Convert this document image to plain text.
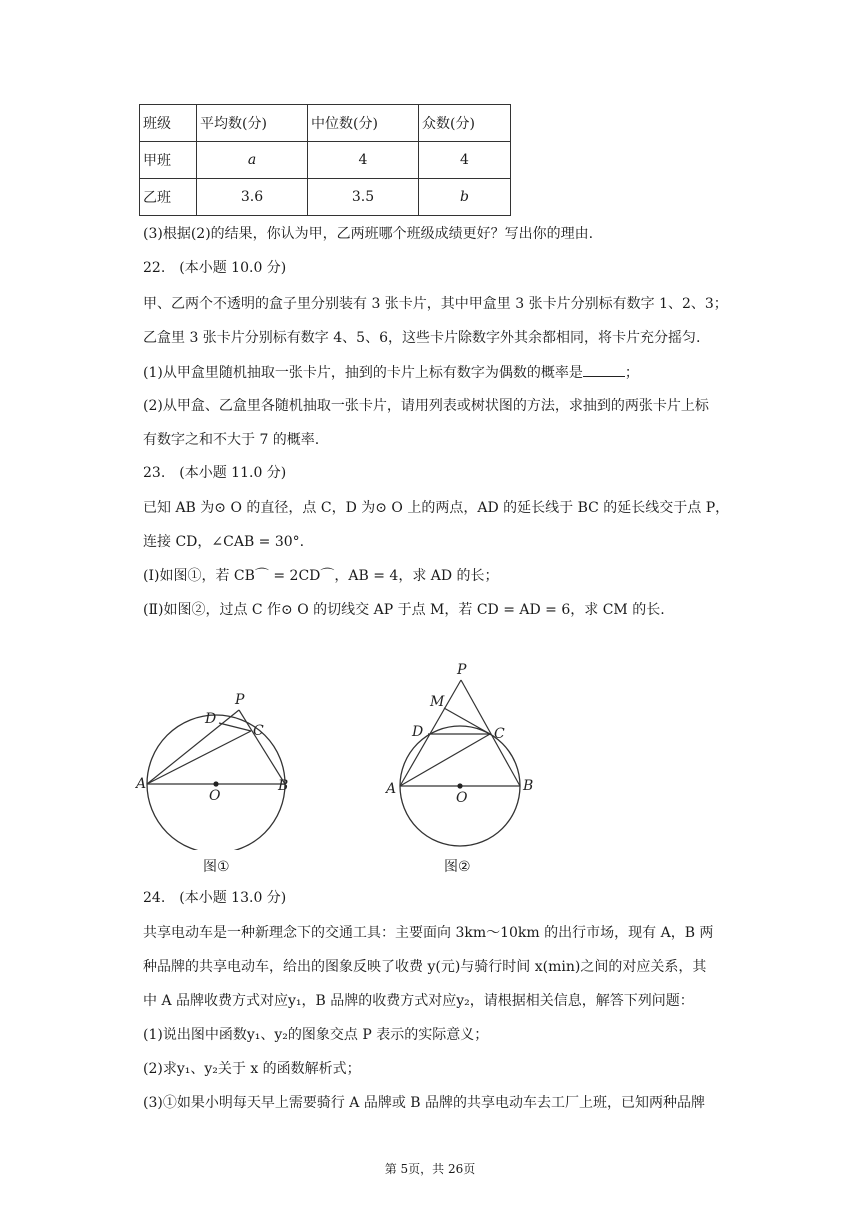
班级	平均数(分)	中位数(分)	众数(分)
甲班	a	4	4
乙班	3.6	3.5	b
(3)根据(2)的结果，你认为甲，乙两班哪个班级成绩更好？写出你的理由.
22.　(本小题 10.0 分)
甲、乙两个不透明的盒子里分别装有 3 张卡片，其中甲盒里 3 张卡片分别标有数字 1、2、3；
乙盒里 3 张卡片分别标有数字 4、5、6，这些卡片除数字外其余都相同，将卡片充分摇匀.
(1)从甲盒里随机抽取一张卡片，抽到的卡片上标有数字为偶数的概率是	；
(2)从甲盒、乙盒里各随机抽取一张卡片，请用列表或树状图的方法，求抽到的两张卡片上标
有数字之和不大于 7 的概率.
23.　(本小题 11.0 分)
已知 AB 为⊙ O 的直径，点 C，D 为⊙ O 上的两点，AD 的延长线于 BC 的延长线交于点 P，
连接 CD，∠CAB = 30°.
(Ⅰ)如图①，若 CB⌒ = 2CD⌒，AB = 4，求 AD 的长；
(Ⅱ)如图②，过点 C 作⊙ O 的切线交 AP 于点 M，若 CD = AD = 6，求 CM 的长.
P
D
C
A
O
B
图①
P
M
D	C
A
O
B
图②
24.　(本小题 13.0 分)
共享电动车是一种新理念下的交通工具：主要面向 3km～10km 的出行市场，现有 A，B 两
种品牌的共享电动车，给出的图象反映了收费 y(元)与骑行时间 x(min)之间的对应关系，其
中 A 品牌收费方式对应y₁，B 品牌的收费方式对应y₂，请根据相关信息，解答下列问题：
(1)说出图中函数y₁、y₂的图象交点 P 表示的实际意义；
(2)求y₁、y₂关于 x 的函数解析式；
(3)①如果小明每天早上需要骑行 A 品牌或 B 品牌的共享电动车去工厂上班，已知两种品牌
第 5页，共 26页
